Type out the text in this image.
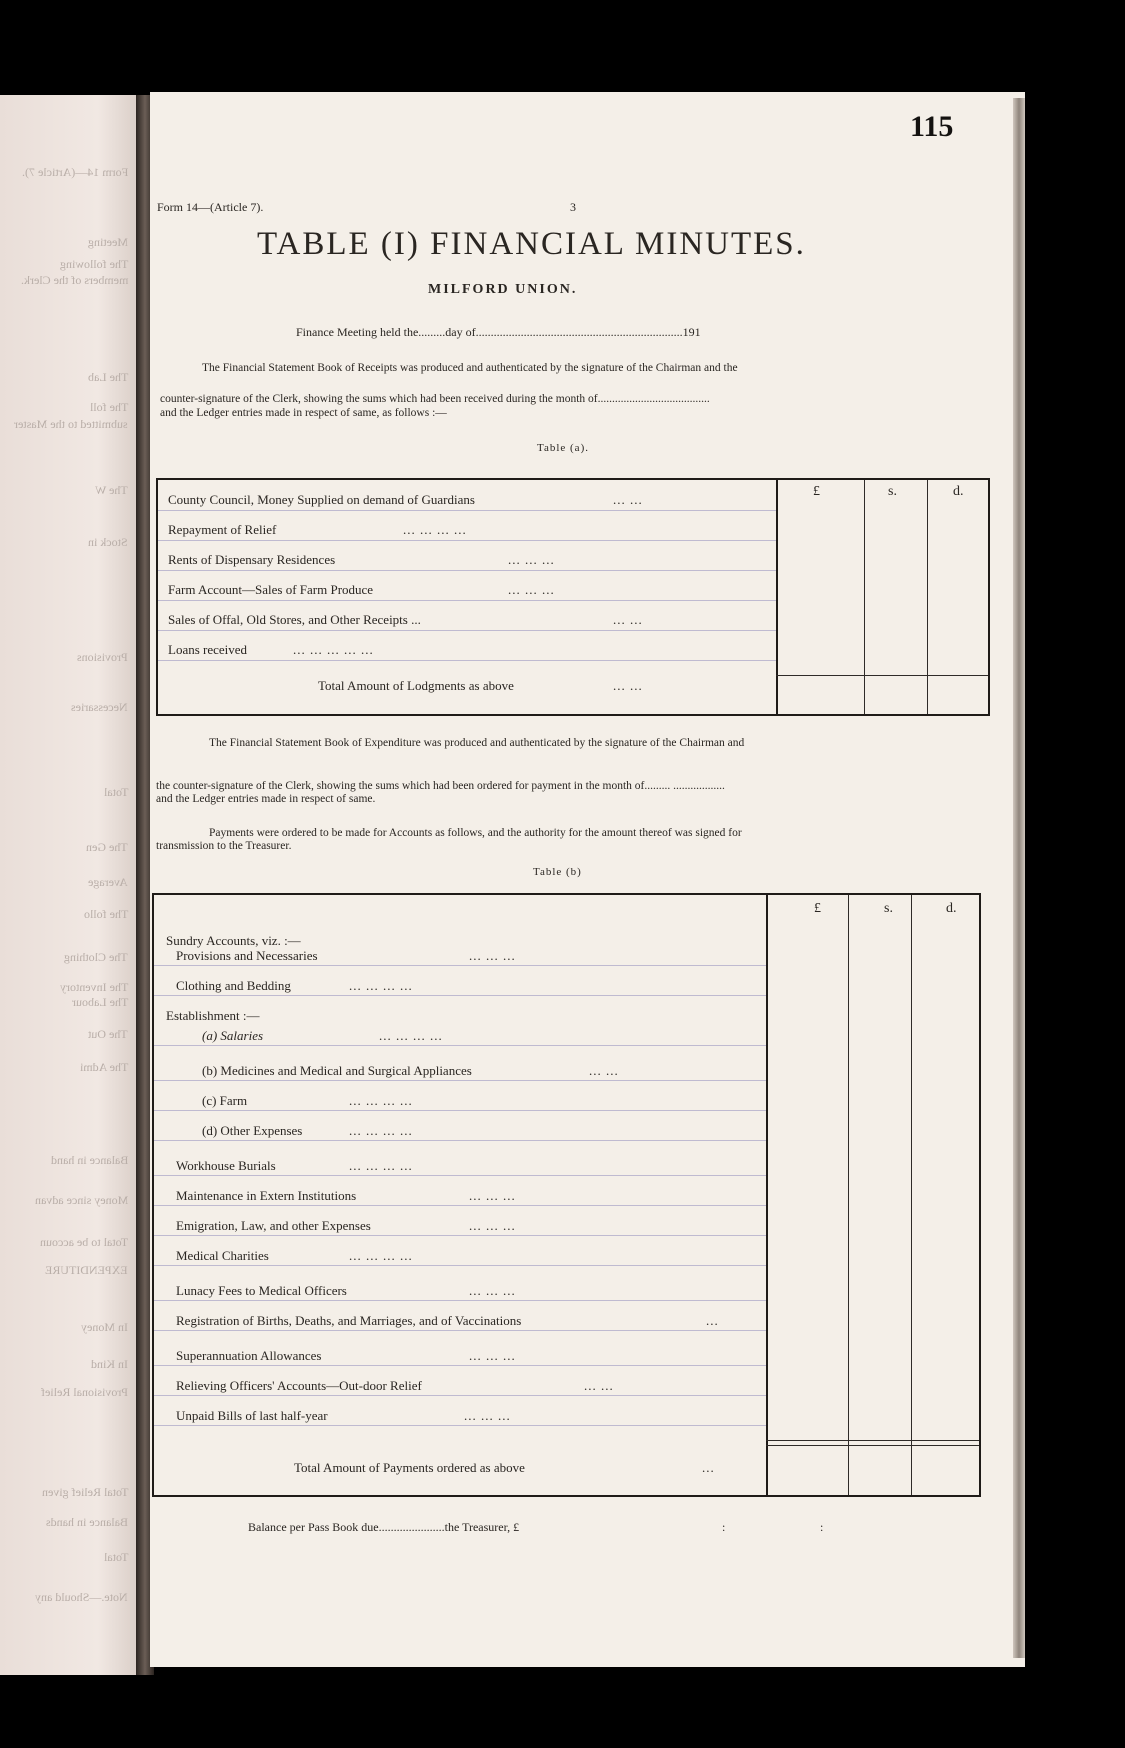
Form 14—(Article 7).
Meeting
The following
members of the Clerk.
The Lab
The foll
submitted to the Master
The W
Stock in
Provisions
Necessaries
Total
The Gen
Average
The follo
The Clothing
The Inventory
The Labour
The Out
The Admi
Balance in hand
Money since advan
Total to be accoun
EXPENDITURE
In Money
In Kind
Provisional Relief
Total Relief given
Balance in hands
Total
Note.—Should any
115
Form 14—(Article 7).	3
TABLE (I) FINANCIAL MINUTES.
MILFORD UNION.
Finance Meeting held the.........day of.....................................................................191
The Financial Statement Book of Receipts was produced and authenticated by the signature of the Chairman and the
counter-signature of the Clerk, showing the sums which had been received during the month of.......................................
and the Ledger entries made in respect of same, as follows :—
Table (a).
£	s.	d.
County Council, Money Supplied on demand of Guardians	... ...
Repayment of Relief	... ... ... ...
Rents of Dispensary Residences	... ... ...
Farm Account—Sales of Farm Produce	... ... ...
Sales of Offal, Old Stores, and Other Receipts ...	... ...
Loans received	... ... ... ... ...
Total Amount of Lodgments as above	... ...
The Financial Statement Book of Expenditure was produced and authenticated by the signature of the Chairman and
the counter-signature of the Clerk, showing the sums which had been ordered for payment in the month of......... ..................
and the Ledger entries made in respect of same.
Payments were ordered to be made for Accounts as follows, and the authority for the amount thereof was signed for
transmission to the Treasurer.
Table (b)
£	s.	d.
Sundry Accounts, viz. :—
Provisions and Necessaries	... ... ...
Clothing and Bedding	... ... ... ...
Establishment :—
(a) Salaries	... ... ... ...
(b) Medicines and Medical and Surgical Appliances	... ...
(c) Farm	... ... ... ...
(d) Other Expenses	... ... ... ...
Workhouse Burials	... ... ... ...
Maintenance in Extern Institutions	... ... ...
Emigration, Law, and other Expenses	... ... ...
Medical Charities	... ... ... ...
Lunacy Fees to Medical Officers	... ... ...
Registration of Births, Deaths, and Marriages, and of Vaccinations	...
Superannuation Allowances	... ... ...
Relieving Officers' Accounts—Out-door Relief	... ...
Unpaid Bills of last half-year	... ... ...
Total Amount of Payments ordered as above	...
Balance per Pass Book due......................the Treasurer, £	:	:
